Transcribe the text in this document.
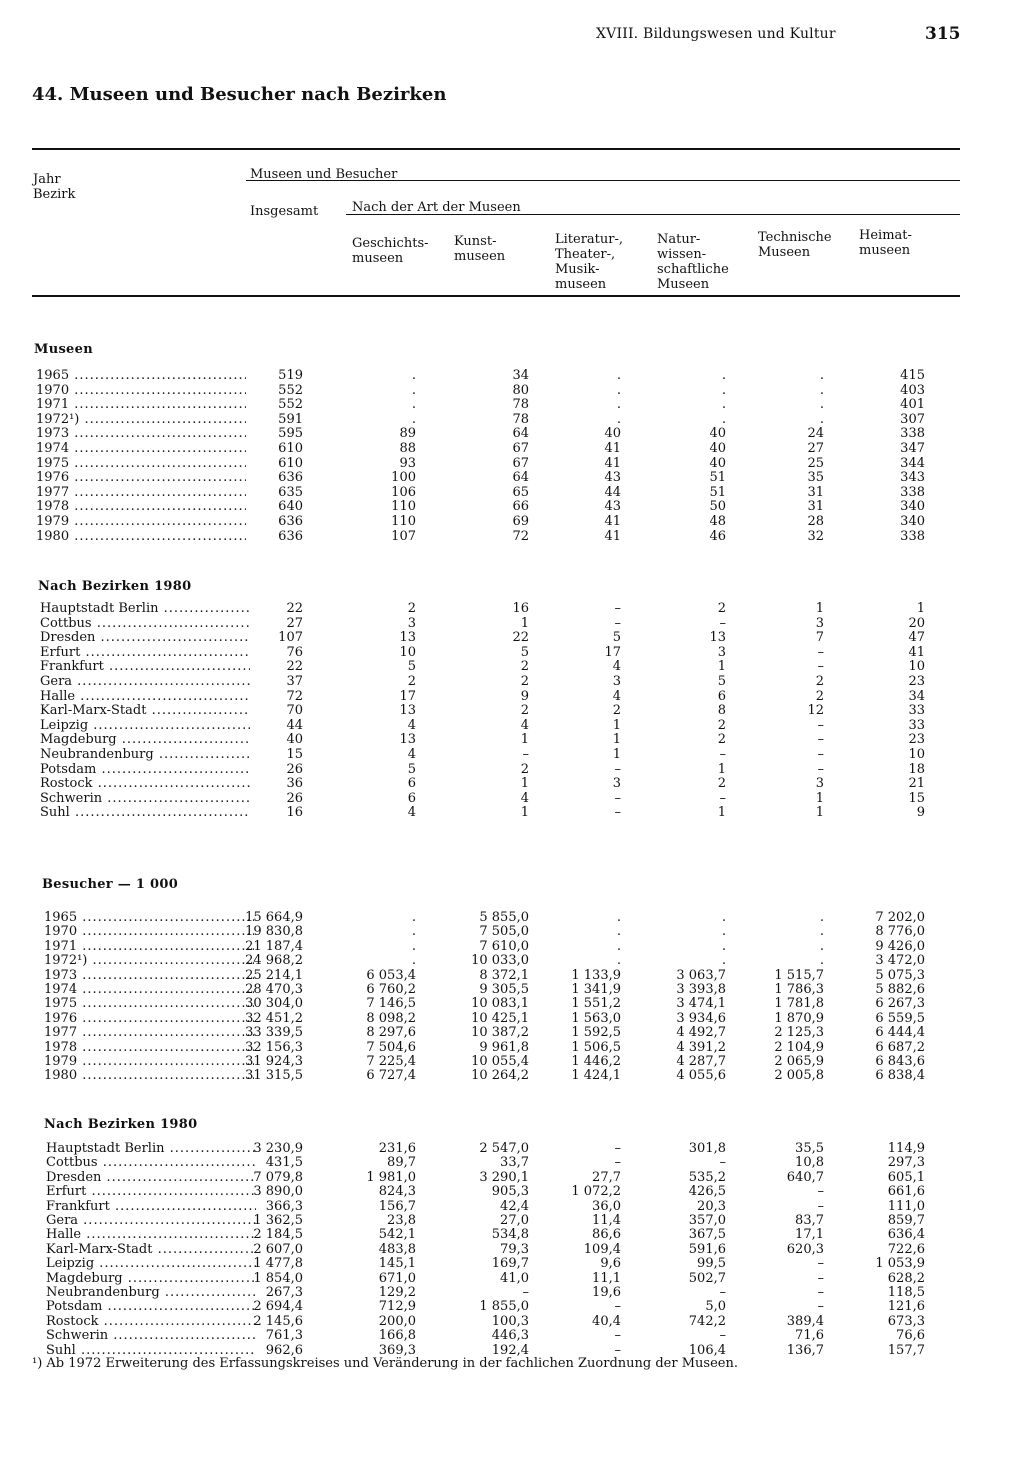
XVIII. Bildungswesen und Kultur	315
44. Museen und Besucher nach Bezirken
Jahr
Bezirk
Museen und Besucher
Insgesamt	Nach der Art der Museen
Geschichts-
museen
Kunst-
museen
Literatur-,
Theater-,
Musik-
museen
Natur-
wissen-
schaftliche
Museen
Technische
Museen
Heimat-
museen
Museen
1965 .....	519	.	34	.	.	.	415
1970 .....	552	.	80	.	.	.	403
1971 .....	552	.	78	.	.	.	401
1972¹) .....	591	.	78	.	.	.	307
1973 .....	595	89	64	40	40	24	338
1974 .....	610	88	67	41	40	27	347
1975 .....	610	93	67	41	40	25	344
1976 .....	636	100	64	43	51	35	343
1977 .....	635	106	65	44	51	31	338
1978 .....	640	110	66	43	50	31	340
1979 .....	636	110	69	41	48	28	340
1980 .....	636	107	72	41	46	32	338
Nach Bezirken 1980
Hauptstadt Berlin .....	22	2	16	–	2	1	1
Cottbus .....	27	3	1	–	–	3	20
Dresden .....	107	13	22	5	13	7	47
Erfurt .....	76	10	5	17	3	–	41
Frankfurt .....	22	5	2	4	1	–	10
Gera .....	37	2	2	3	5	2	23
Halle .....	72	17	9	4	6	2	34
Karl-Marx-Stadt .....	70	13	2	2	8	12	33
Leipzig .....	44	4	4	1	2	–	33
Magdeburg .....	40	13	1	1	2	–	23
Neubrandenburg .....	15	4	–	1	–	–	10
Potsdam .....	26	5	2	–	1	–	18
Rostock .....	36	6	1	3	2	3	21
Schwerin .....	26	6	4	–	–	1	15
Suhl .....	16	4	1	–	1	1	9
Besucher — 1 000
1965 .....	15 664,9	.	5 855,0	.	.	.	7 202,0
1970 .....	19 830,8	.	7 505,0	.	.	.	8 776,0
1971 .....	21 187,4	.	7 610,0	.	.	.	9 426,0
1972¹) .....	24 968,2	.	10 033,0	.	.	.	3 472,0
1973 .....	25 214,1	6 053,4	8 372,1	1 133,9	3 063,7	1 515,7	5 075,3
1974 .....	28 470,3	6 760,2	9 305,5	1 341,9	3 393,8	1 786,3	5 882,6
1975 .....	30 304,0	7 146,5	10 083,1	1 551,2	3 474,1	1 781,8	6 267,3
1976 .....	32 451,2	8 098,2	10 425,1	1 563,0	3 934,6	1 870,9	6 559,5
1977 .....	33 339,5	8 297,6	10 387,2	1 592,5	4 492,7	2 125,3	6 444,4
1978 .....	32 156,3	7 504,6	9 961,8	1 506,5	4 391,2	2 104,9	6 687,2
1979 .....	31 924,3	7 225,4	10 055,4	1 446,2	4 287,7	2 065,9	6 843,6
1980 .....	31 315,5	6 727,4	10 264,2	1 424,1	4 055,6	2 005,8	6 838,4
Nach Bezirken 1980
Hauptstadt Berlin .....	3 230,9	231,6	2 547,0	–	301,8	35,5	114,9
Cottbus .....	431,5	89,7	33,7	–	–	10,8	297,3
Dresden .....	7 079,8	1 981,0	3 290,1	27,7	535,2	640,7	605,1
Erfurt .....	3 890,0	824,3	905,3	1 072,2	426,5	–	661,6
Frankfurt .....	366,3	156,7	42,4	36,0	20,3	–	111,0
Gera .....	1 362,5	23,8	27,0	11,4	357,0	83,7	859,7
Halle .....	2 184,5	542,1	534,8	86,6	367,5	17,1	636,4
Karl-Marx-Stadt .....	2 607,0	483,8	79,3	109,4	591,6	620,3	722,6
Leipzig .....	1 477,8	145,1	169,7	9,6	99,5	–	1 053,9
Magdeburg .....	1 854,0	671,0	41,0	11,1	502,7	–	628,2
Neubrandenburg .....	267,3	129,2	–	19,6	–	–	118,5
Potsdam .....	2 694,4	712,9	1 855,0	–	5,0	–	121,6
Rostock .....	2 145,6	200,0	100,3	40,4	742,2	389,4	673,3
Schwerin .....	761,3	166,8	446,3	–	–	71,6	76,6
Suhl .....	962,6	369,3	192,4	–	106,4	136,7	157,7
¹) Ab 1972 Erweiterung des Erfassungskreises und Veränderung in der fachlichen Zuordnung der Museen.
